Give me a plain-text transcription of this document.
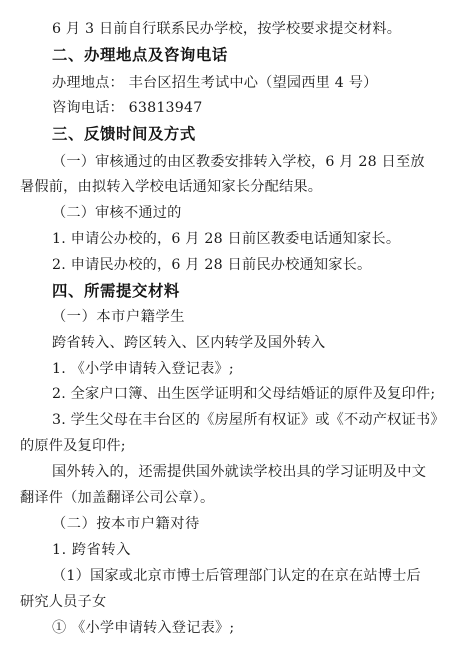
6 月 3 日前自行联系民办学校，按学校要求提交材料。
二、办理地点及咨询电话
办理地点： 丰台区招生考试中心（望园西里 4 号）
咨询电话： 63813947
三、反馈时间及方式
（一）审核通过的由区教委安排转入学校，6 月 28 日至放
暑假前，由拟转入学校电话通知家长分配结果。
（二）审核不通过的
1. 申请公办校的，6 月 28 日前区教委电话通知家长。
2. 申请民办校的，6 月 28 日前民办校通知家长。
四、所需提交材料
（一）本市户籍学生
跨省转入、跨区转入、区内转学及国外转入
1. 《小学申请转入登记表》;
2. 全家户口簿、出生医学证明和父母结婚证的原件及复印件;
3. 学生父母在丰台区的《房屋所有权证》或《不动产权证书》
的原件及复印件;
国外转入的，还需提供国外就读学校出具的学习证明及中文
翻译件（加盖翻译公司公章）。
（二）按本市户籍对待
1. 跨省转入
（1）国家或北京市博士后管理部门认定的在京在站博士后
研究人员子女
① 《小学申请转入登记表》;
